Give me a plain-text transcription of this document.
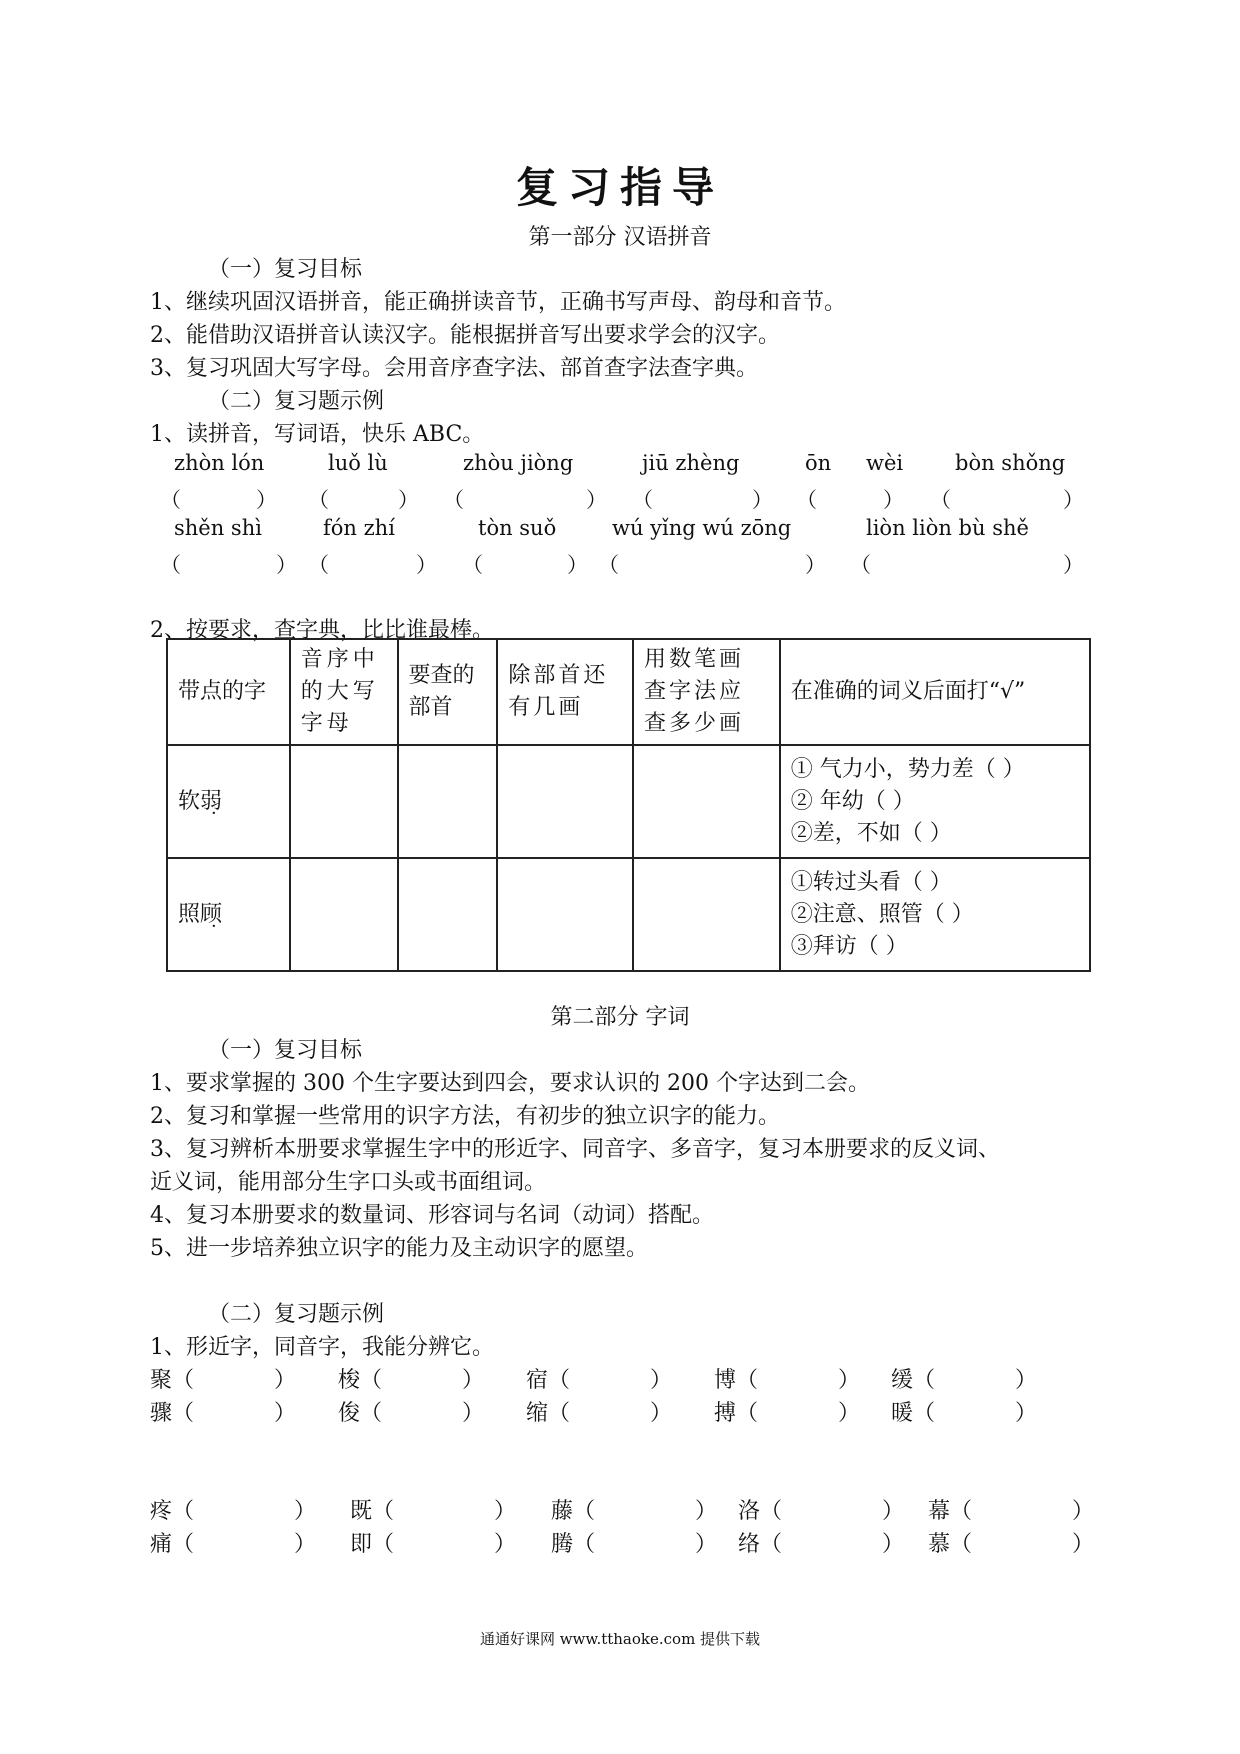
复习指导
第一部分 汉语拼音
（一）复习目标
1、继续巩固汉语拼音，能正确拼读音节，正确书写声母、韵母和音节。
2、能借助汉语拼音认读汉字。能根据拼音写出要求学会的汉字。
3、复习巩固大写字母。会用音序查字法、部首查字法查字典。
（二）复习题示例
1、读拼音，写词语，快乐 ABC。
zhòn lón	luǒ lù	zhòu jiòng	jiū zhèng	ōn wèi bòn shǒng
（	） （	） （	） （	） （	） （	）
shěn shì	fón zhí	tòn suǒ	wú yǐng wú zōng	liòn liòn bù shě
（	） （	） （	） （	） （	）
2、按要求，查字典，比比谁最棒。
带点的字	音序中的大写字母	要查的部首	除部首还有几画	用数笔画查字法应查多少画	在准确的词义后面打“√”
软弱					① 气力小，势力差（ ）
② 年幼（ ）
②差，不如（ ）

照顾					①转过头看（ ）
②注意、照管（ ）
③拜访（ ）
第二部分 字词
（一）复习目标
1、要求掌握的 300 个生字要达到四会，要求认识的 200 个字达到二会。
2、复习和掌握一些常用的识字方法，有初步的独立识字的能力。
3、复习辨析本册要求掌握生字中的形近字、同音字、多音字，复习本册要求的反义词、
近义词，能用部分生字口头或书面组词。
4、复习本册要求的数量词、形容词与名词（动词）搭配。
5、进一步培养独立识字的能力及主动识字的愿望。
（二）复习题示例
1、形近字，同音字，我能分辨它。
聚（	） 梭（	） 宿（	） 博（	） 缓（	）
骤（	） 俊（	） 缩（	） 搏（	） 暖（	）
疼（	） 既（	） 藤（	） 洛（	） 幕（	）
痛（	） 即（	） 腾（	） 络（	） 慕（	）
通通好课网 www.tthaoke.com 提供下载
